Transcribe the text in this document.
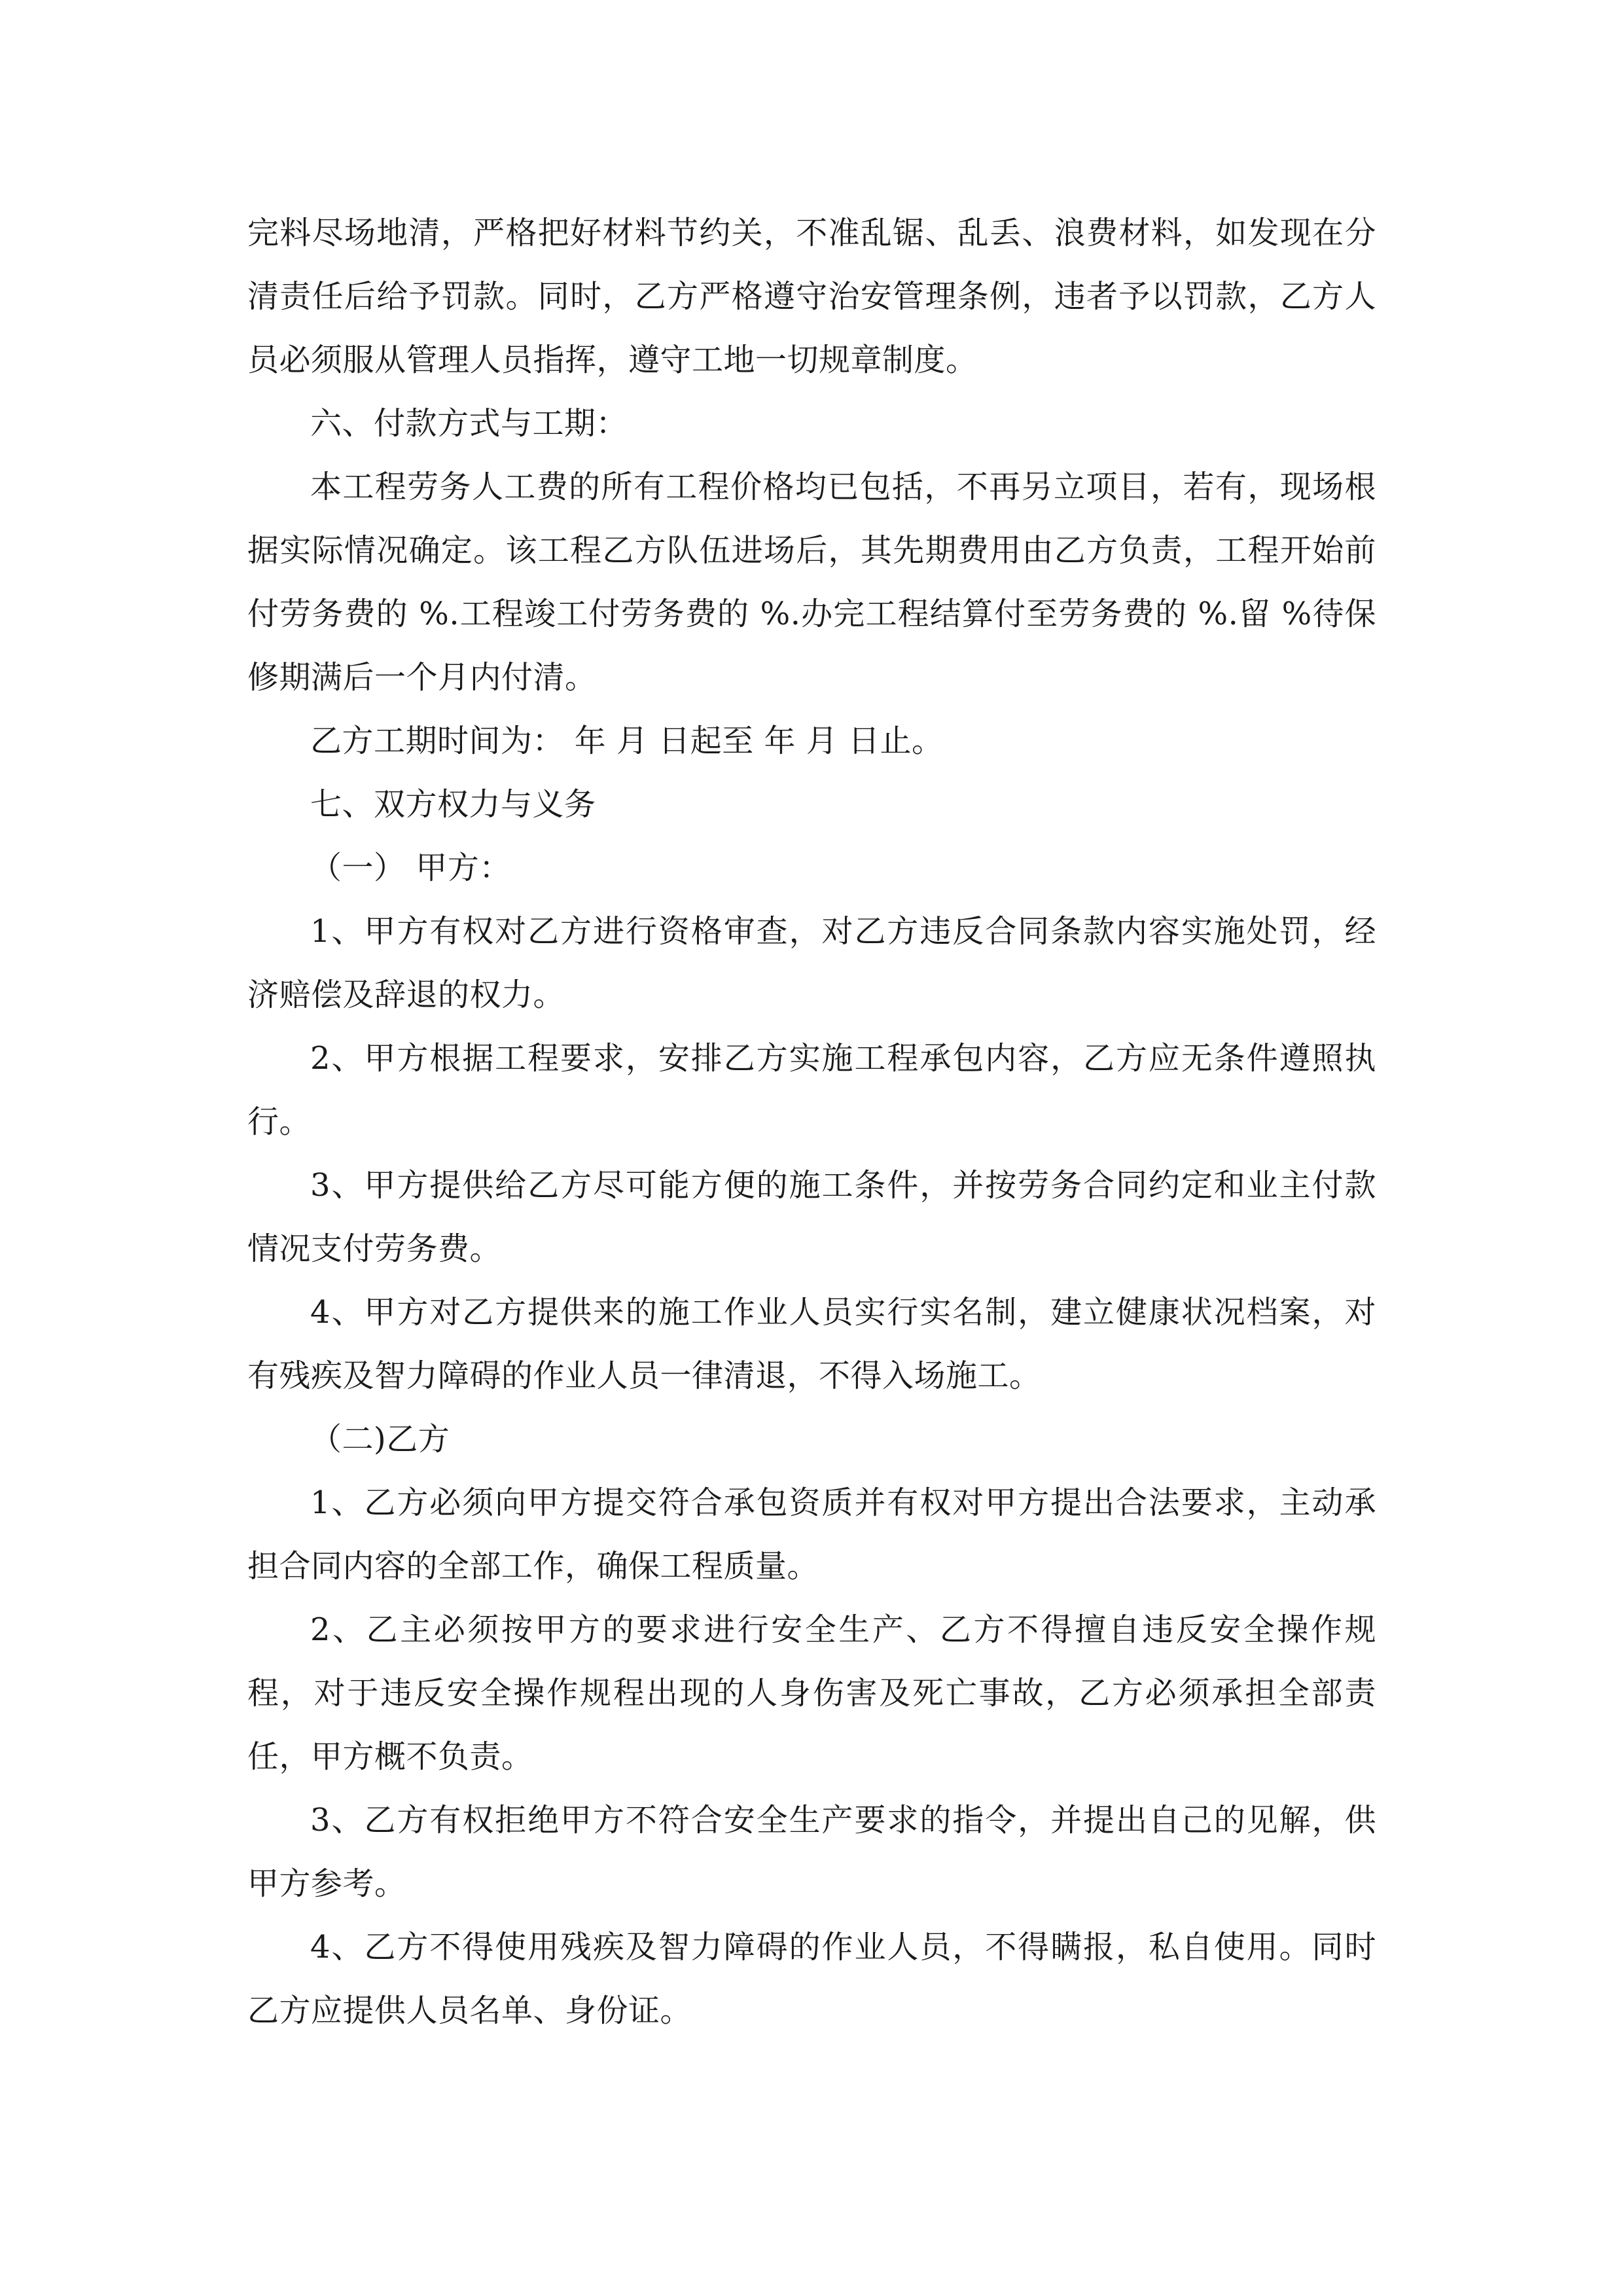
完料尽场地清，严格把好材料节约关，不准乱锯、乱丢、浪费材料，如发现在分清责任后给予罚款。同时，乙方严格遵守治安管理条例，违者予以罚款，乙方人员必须服从管理人员指挥，遵守工地一切规章制度。

六、付款方式与工期：

本工程劳务人工费的所有工程价格均已包括，不再另立项目，若有，现场根据实际情况确定。该工程乙方队伍进场后，其先期费用由乙方负责，工程开始前付劳务费的 %.工程竣工付劳务费的 %.办完工程结算付至劳务费的 %.留 %待保修期满后一个月内付清。

乙方工期时间为： 年 月 日起至 年 月 日止。

七、双方权力与义务

（一） 甲方：

1、甲方有权对乙方进行资格审查，对乙方违反合同条款内容实施处罚，经济赔偿及辞退的权力。

2、甲方根据工程要求，安排乙方实施工程承包内容，乙方应无条件遵照执行。

3、甲方提供给乙方尽可能方便的施工条件，并按劳务合同约定和业主付款情况支付劳务费。

4、甲方对乙方提供来的施工作业人员实行实名制，建立健康状况档案，对有残疾及智力障碍的作业人员一律清退，不得入场施工。

（二)乙方

1、乙方必须向甲方提交符合承包资质并有权对甲方提出合法要求，主动承担合同内容的全部工作，确保工程质量。

2、乙主必须按甲方的要求进行安全生产、乙方不得擅自违反安全操作规程，对于违反安全操作规程出现的人身伤害及死亡事故，乙方必须承担全部责任，甲方概不负责。

3、乙方有权拒绝甲方不符合安全生产要求的指令，并提出自己的见解，供甲方参考。

4、乙方不得使用残疾及智力障碍的作业人员，不得瞒报，私自使用。同时乙方应提供人员名单、身份证。
